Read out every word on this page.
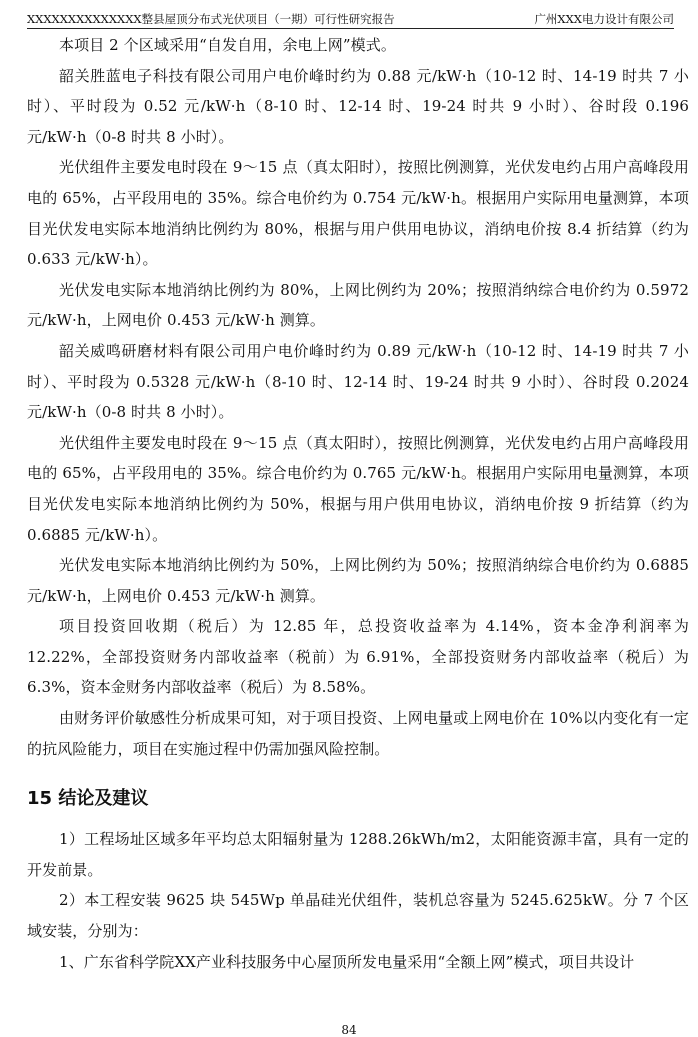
XXXXXXXXXXXXXX整县屋顶分布式光伏项目（一期）可行性研究报告	广州XXX电力设计有限公司

本项目 2 个区域采用“自发自用，余电上网”模式。

韶关胜蓝电子科技有限公司用户电价峰时约为 0.88 元/kW·h（10-12 时、14-19 时共 7 小时）、平时段为 0.52 元/kW·h（8-10 时、12-14 时、19-24 时共 9 小时）、谷时段 0.196 元/kW·h（0-8 时共 8 小时）。

光伏组件主要发电时段在 9～15 点（真太阳时），按照比例测算，光伏发电约占用户高峰段用电的 65%，占平段用电的 35%。综合电价约为 0.754 元/kW·h。根据用户实际用电量测算，本项目光伏发电实际本地消纳比例约为 80%，根据与用户供用电协议，消纳电价按 8.4 折结算（约为 0.633 元/kW·h）。

光伏发电实际本地消纳比例约为 80%，上网比例约为 20%；按照消纳综合电价约为 0.5972 元/kW·h，上网电价 0.453 元/kW·h 测算。

韶关威鸣研磨材料有限公司用户电价峰时约为 0.89 元/kW·h（10-12 时、14-19 时共 7 小时）、平时段为 0.5328 元/kW·h（8-10 时、12-14 时、19-24 时共 9 小时）、谷时段 0.2024 元/kW·h（0-8 时共 8 小时）。

光伏组件主要发电时段在 9～15 点（真太阳时），按照比例测算，光伏发电约占用户高峰段用电的 65%，占平段用电的 35%。综合电价约为 0.765 元/kW·h。根据用户实际用电量测算，本项目光伏发电实际本地消纳比例约为 50%，根据与用户供用电协议，消纳电价按 9 折结算（约为 0.6885 元/kW·h）。

光伏发电实际本地消纳比例约为 50%，上网比例约为 50%；按照消纳综合电价约为 0.6885 元/kW·h，上网电价 0.453 元/kW·h 测算。

项目投资回收期（税后）为 12.85 年，总投资收益率为 4.14%，资本金净利润率为 12.22%，全部投资财务内部收益率（税前）为 6.91%，全部投资财务内部收益率（税后）为 6.3%，资本金财务内部收益率（税后）为 8.58%。

由财务评价敏感性分析成果可知，对于项目投资、上网电量或上网电价在 10%以内变化有一定的抗风险能力，项目在实施过程中仍需加强风险控制。

15 结论及建议

1）工程场址区域多年平均总太阳辐射量为 1288.26kWh/m2，太阳能资源丰富，具有一定的开发前景。

2）本工程安装 9625 块 545Wp 单晶硅光伏组件，装机总容量为 5245.625kW。分 7 个区域安装，分别为：

1、广东省科学院XX产业科技服务中心屋顶所发电量采用“全额上网”模式，项目共设计

84
